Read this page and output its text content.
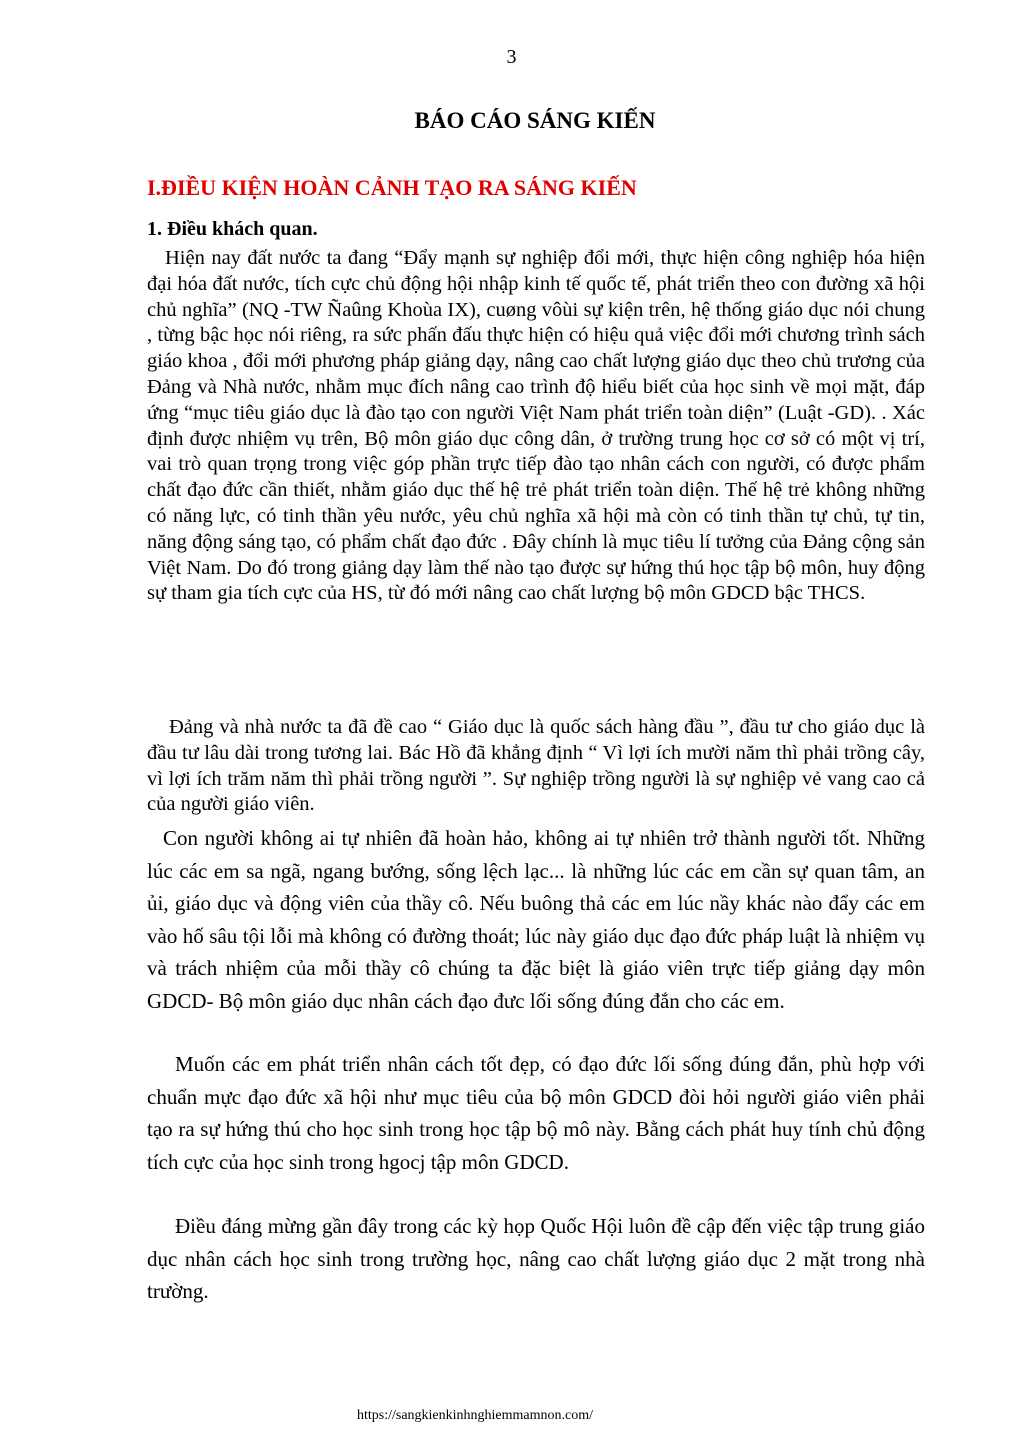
3
BÁO CÁO SÁNG KIẾN
I.ĐIỀU KIỆN HOÀN CẢNH TẠO RA SÁNG KIẾN
1. Điều khách quan.

Hiện nay đất nước ta đang “Đẩy mạnh sự nghiệp đổi mới, thực hiện công nghiệp hóa hiện đại hóa đất nước, tích cực chủ động hội nhập kinh tế quốc tế, phát triển theo con đường xã hội chủ nghĩa” (NQ -TW Ñaûng Khoùa IX), cuøng vôùi sự kiện trên, hệ thống giáo dục nói chung , từng bậc học nói riêng, ra sức phấn đấu thực hiện có hiệu quả việc đổi mới chương trình sách giáo khoa , đổi mới phương pháp giảng dạy, nâng cao chất lượng giáo dục theo chủ trương của Đảng và Nhà nước, nhằm mục đích nâng cao trình độ hiểu biết của học sinh về mọi mặt, đáp ứng “mục tiêu giáo dục là đào tạo con người Việt Nam phát triển toàn diện” (Luật -GD). . Xác định được nhiệm vụ trên, Bộ môn giáo dục công dân, ở trường trung học cơ sở có một vị trí, vai trò quan trọng trong việc góp phần trực tiếp đào tạo nhân cách con người, có được phẩm chất đạo đức cần thiết, nhằm giáo dục thế hệ trẻ phát triển toàn diện. Thế hệ trẻ không những có năng lực, có tinh thần yêu nước, yêu chủ nghĩa xã hội mà còn có tinh thần tự chủ, tự tin, năng động sáng tạo, có phẩm chất đạo đức . Đây chính là mục tiêu lí tưởng của Đảng cộng sản Việt Nam. Do đó trong giảng dạy làm thế nào tạo được sự hứng thú học tập bộ môn, huy động sự tham gia tích cực của HS, từ đó mới nâng cao chất lượng bộ môn GDCD bậc THCS.

Đảng và nhà nước ta đã đề cao “ Giáo dục là quốc sách hàng đầu ”, đầu tư cho giáo dục là đầu tư lâu dài trong tương lai. Bác Hồ đã khẳng định “ Vì lợi ích mười năm thì phải trồng cây, vì lợi ích trăm năm thì phải trồng người ”. Sự nghiệp trồng người là sự nghiệp vẻ vang cao cả của người giáo viên.

Con người không ai tự nhiên đã hoàn hảo, không ai tự nhiên trở thành người tốt. Những lúc các em sa ngã, ngang bướng, sống lệch lạc... là những lúc các em cần sự quan tâm, an ủi, giáo dục và động viên của thầy cô. Nếu buông thả các em lúc nầy khác nào đẩy các em vào hố sâu tội lỗi mà không có đường thoát; lúc này giáo dục đạo đức pháp luật là nhiệm vụ và trách nhiệm của mỗi thầy cô chúng ta đặc biệt là giáo viên trực tiếp giảng dạy môn GDCD- Bộ môn giáo dục nhân cách đạo đưc lối sống đúng đắn cho các em.

Muốn các em phát triển nhân cách tốt đẹp, có đạo đức lối sống đúng đắn, phù hợp với chuẩn mực đạo đức xã hội như mục tiêu của bộ môn GDCD đòi hỏi người giáo viên phải tạo ra sự hứng thú cho học sinh trong học tập bộ mô này. Bằng cách phát huy tính chủ động tích cực của học sinh trong hgocj tập môn GDCD.

Điều đáng mừng gần đây trong các kỳ họp Quốc Hội luôn đề cập đến việc tập trung giáo dục nhân cách học sinh trong trường học, nâng cao chất lượng giáo dục 2 mặt trong nhà trường.

https://sangkienkinhnghiemmamnon.com/
